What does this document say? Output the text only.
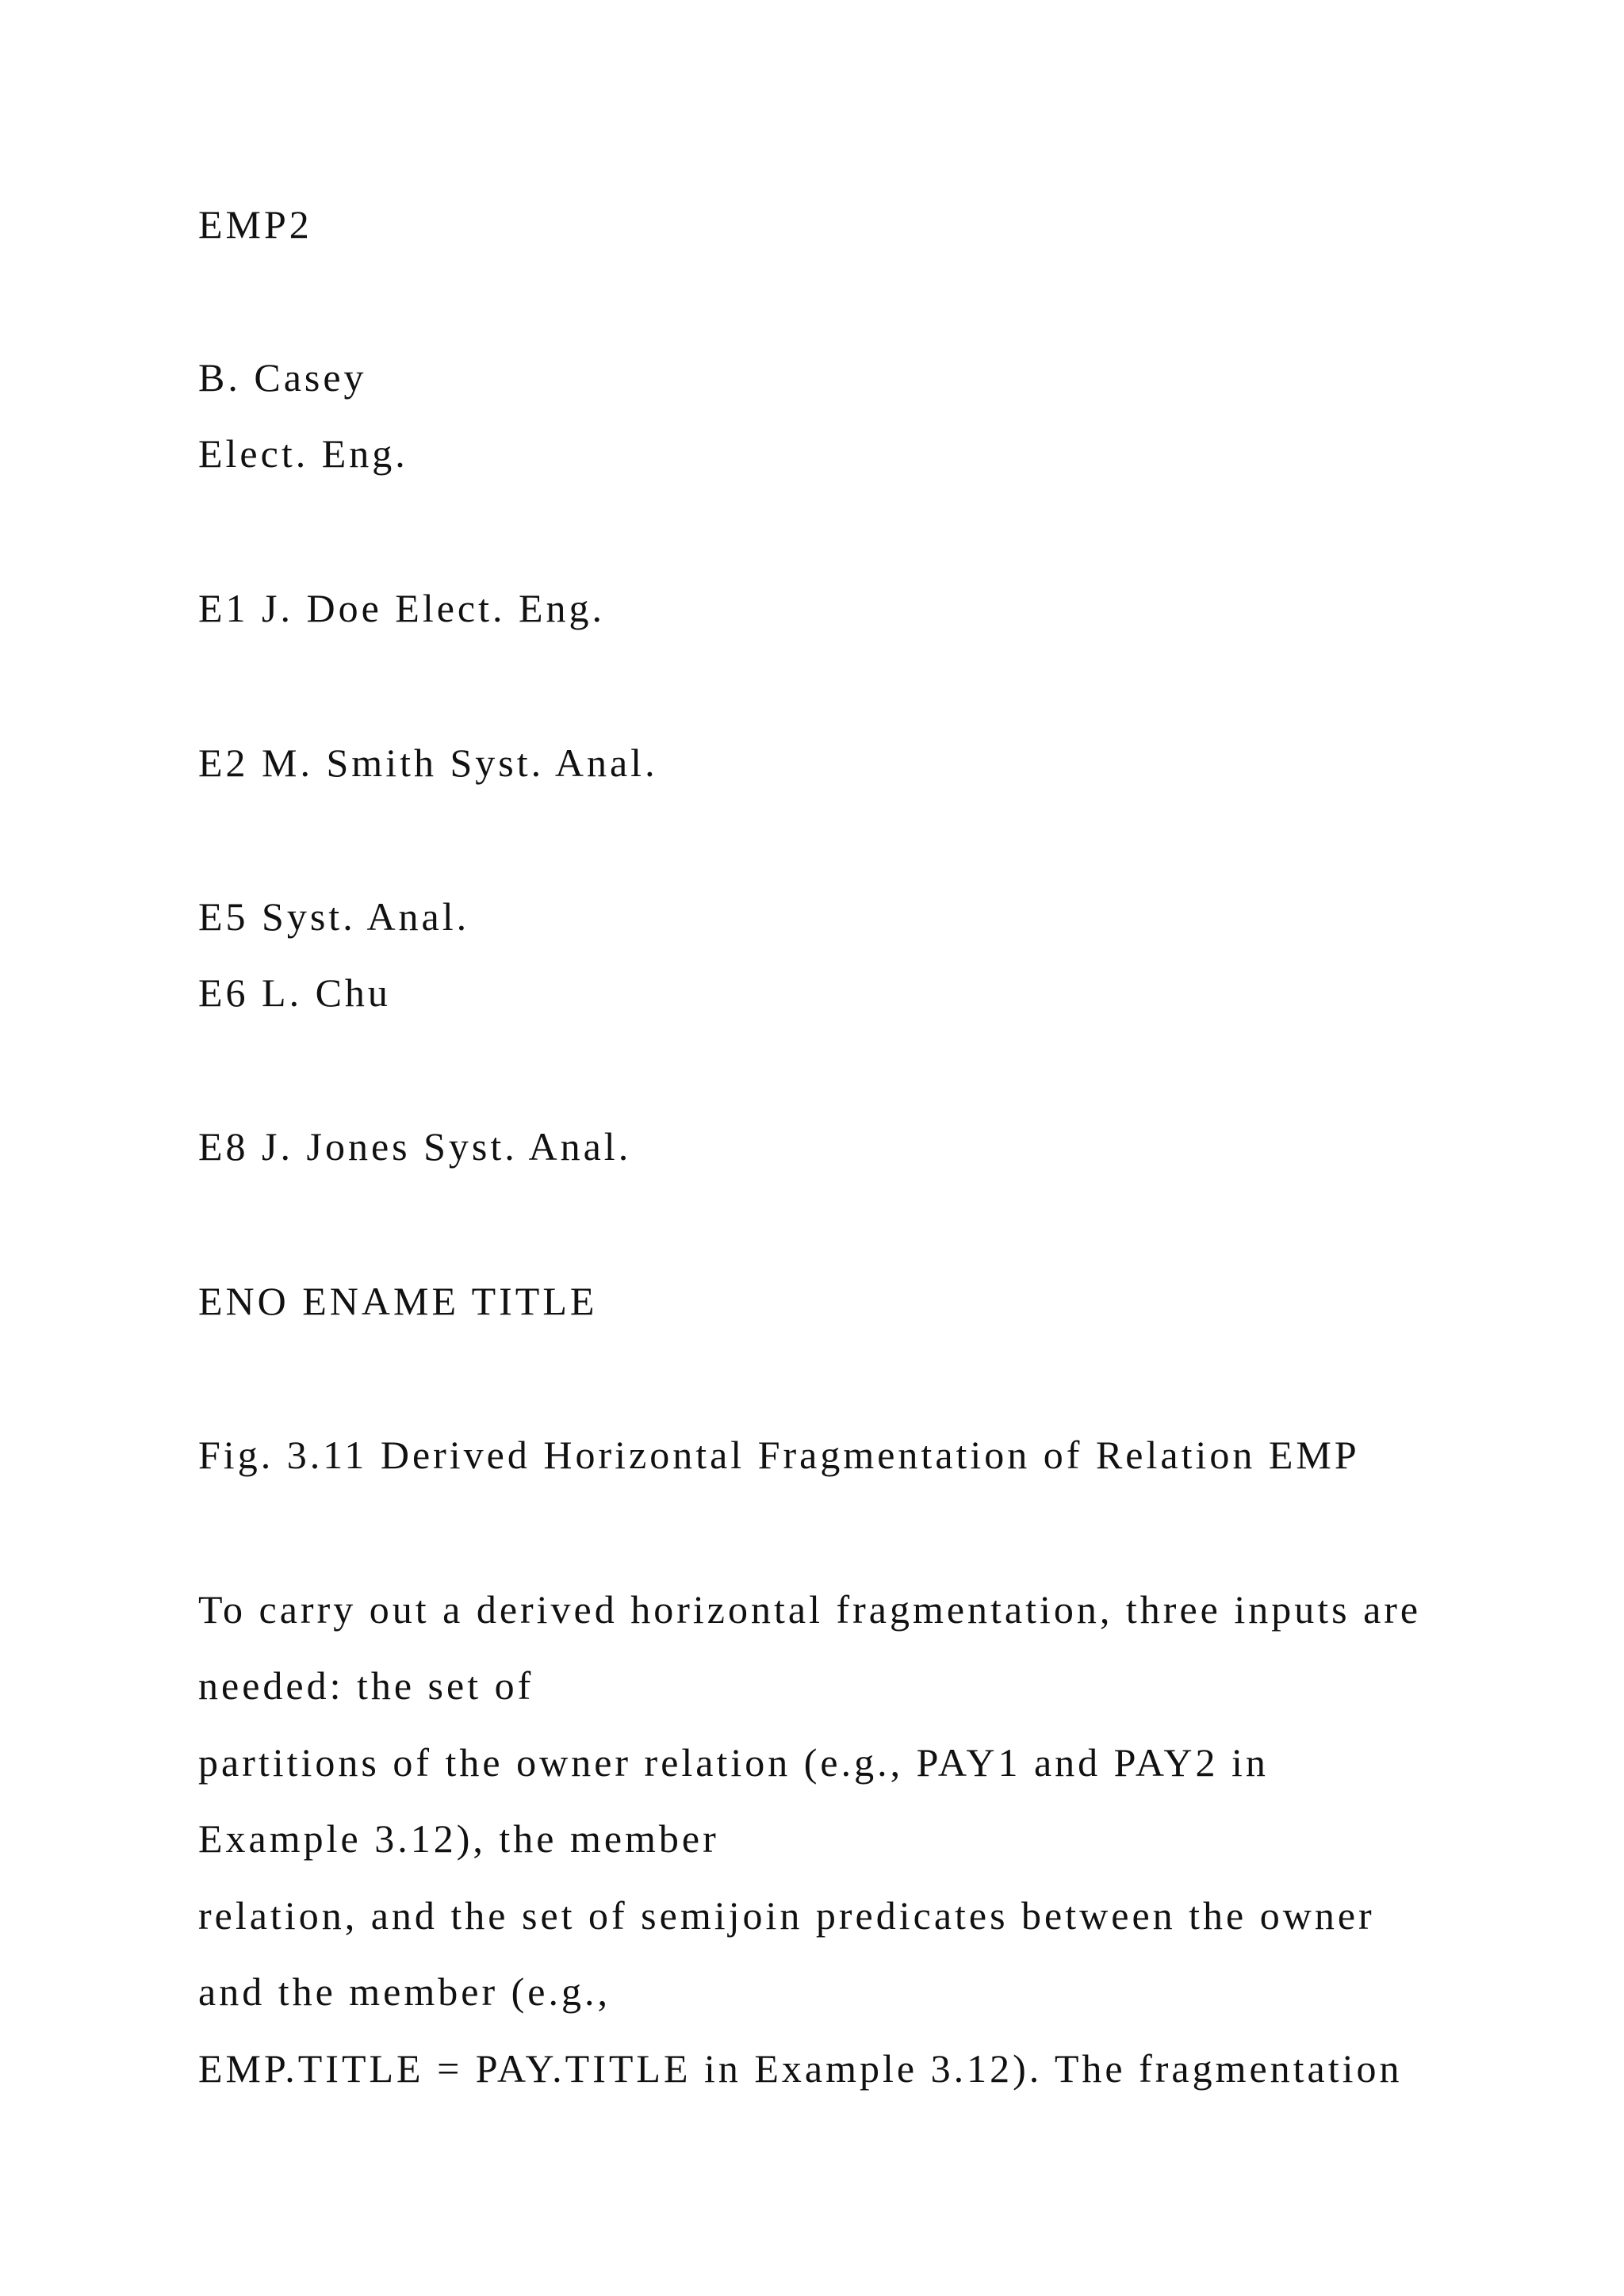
EMP2

B. Casey

Elect. Eng.

E1 J. Doe Elect. Eng.

E2 M. Smith Syst. Anal.

E5 Syst. Anal.

E6 L. Chu

E8 J. Jones Syst. Anal.

ENO ENAME TITLE

Fig. 3.11 Derived Horizontal Fragmentation of Relation EMP

To carry out a derived horizontal fragmentation, three inputs are

needed: the set of

partitions of the owner relation (e.g., PAY1 and PAY2 in

Example 3.12), the member

relation, and the set of semijoin predicates between the owner

and the member (e.g.,

EMP.TITLE = PAY.TITLE in Example 3.12). The fragmentation
